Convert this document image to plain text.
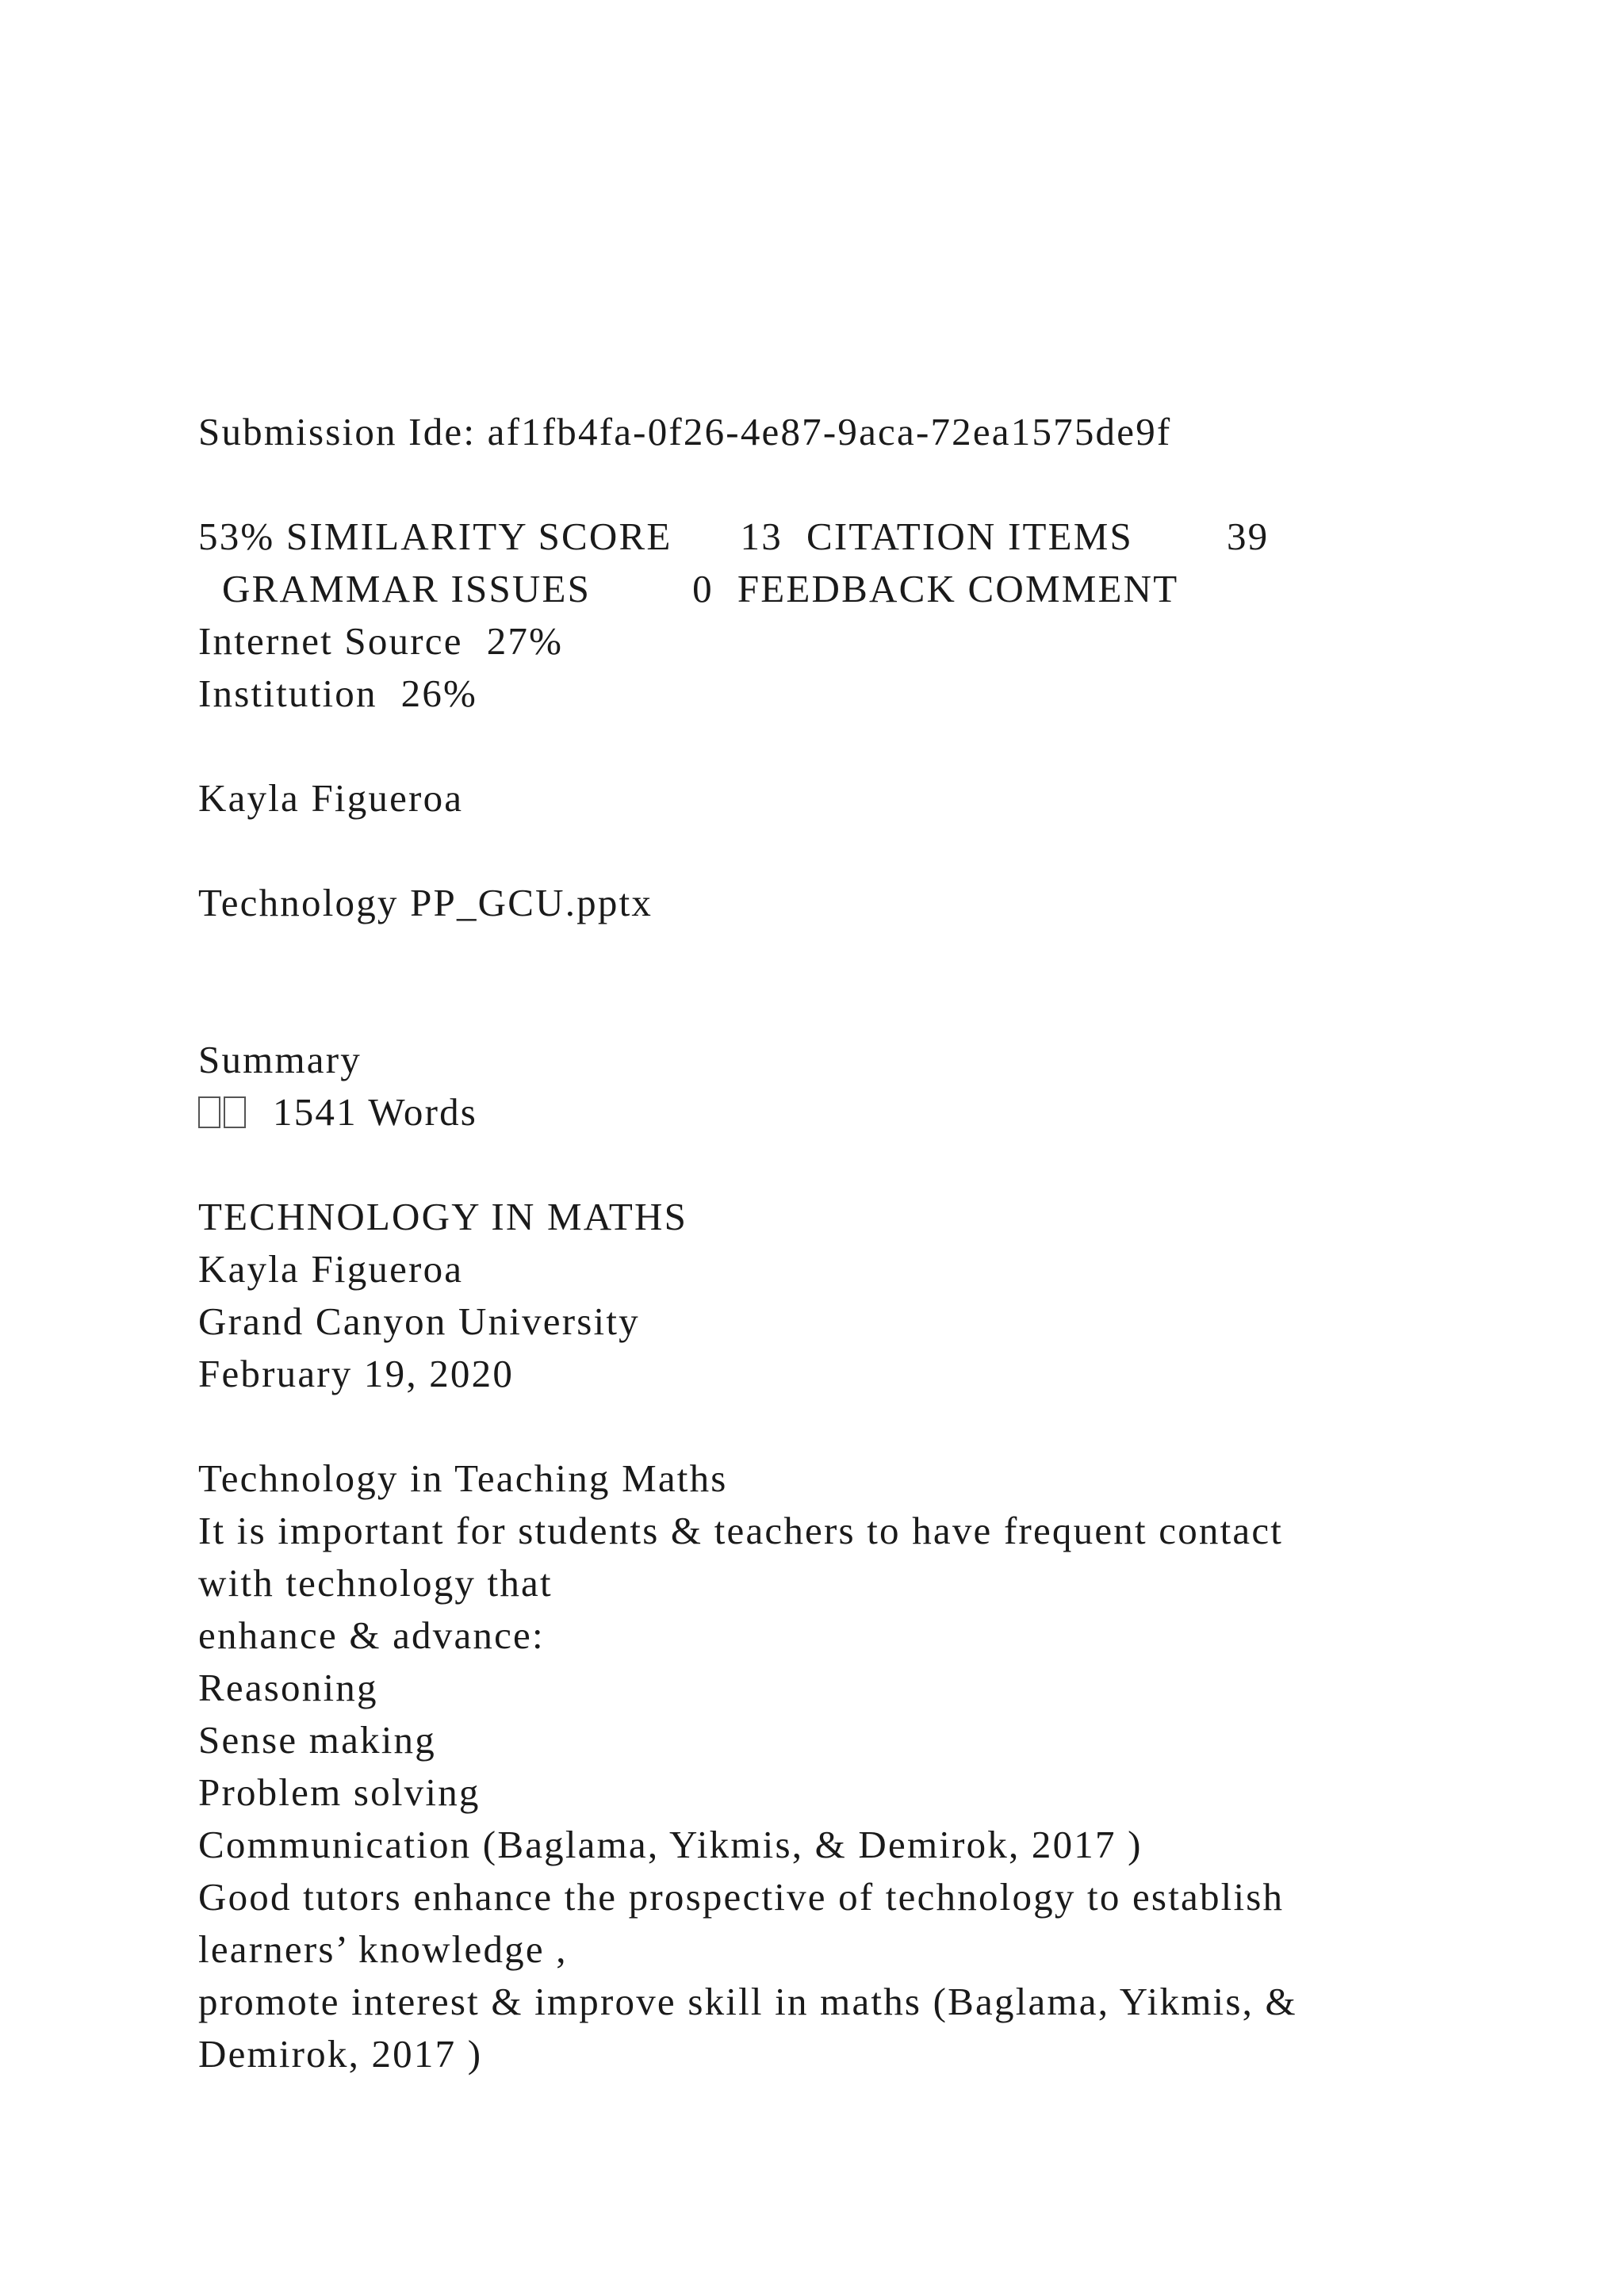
Submission Ide: af1fb4fa-0f26-4e87-9aca-72ea1575de9f
53% SIMILARITY SCORE 13 CITATION ITEMS 39
GRAMMAR ISSUES	0 FEEDBACK COMMENT
Internet Source 27%
Institution 26%
Kayla Figueroa
Technology PP_GCU.pptx
Summary
1541 Words
TECHNOLOGY IN MATHS
Kayla Figueroa
Grand Canyon University
February 19, 2020
Technology in Teaching Maths
It is important for students & teachers to have frequent contact
with technology that
enhance & advance:
Reasoning
Sense making
Problem solving
Communication (Baglama, Yikmis, & Demirok, 2017 )
Good tutors enhance the prospective of technology to establish
learners’ knowledge ,
promote interest & improve skill in maths (Baglama, Yikmis, &
Demirok, 2017 )
